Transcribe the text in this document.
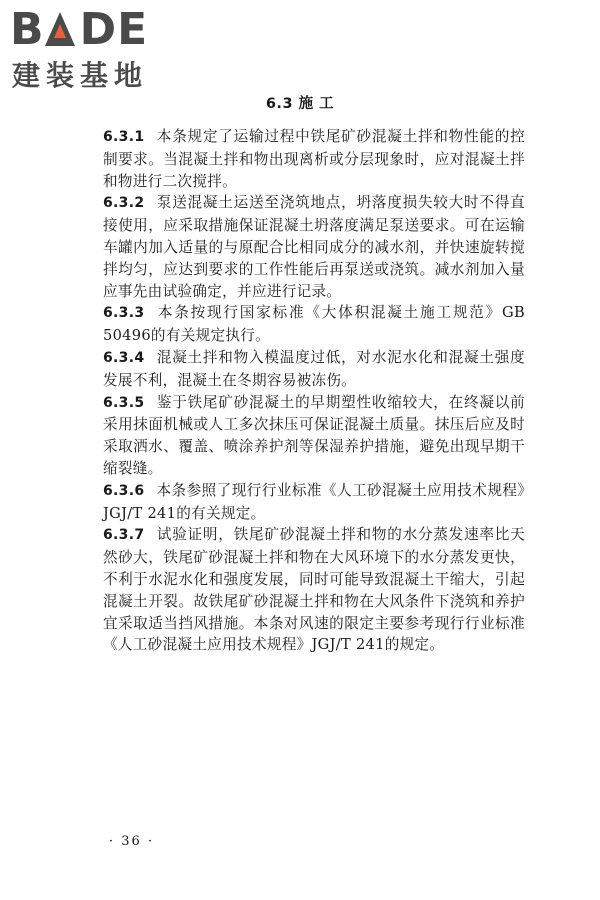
B DE
建装基地
6.3 施 工

6.3.1 本条规定了运输过程中铁尾矿砂混凝土拌和物性能的控制要求。当混凝土拌和物出现离析或分层现象时，应对混凝土拌和物进行二次搅拌。

6.3.2 泵送混凝土运送至浇筑地点，坍落度损失较大时不得直接使用，应采取措施保证混凝土坍落度满足泵送要求。可在运输车罐内加入适量的与原配合比相同成分的减水剂，并快速旋转搅拌均匀，应达到要求的工作性能后再泵送或浇筑。减水剂加入量应事先由试验确定，并应进行记录。

6.3.3 本条按现行国家标准《大体积混凝土施工规范》GB 50496的有关规定执行。

6.3.4 混凝土拌和物入模温度过低，对水泥水化和混凝土强度发展不利，混凝土在冬期容易被冻伤。

6.3.5 鉴于铁尾矿砂混凝土的早期塑性收缩较大，在终凝以前采用抹面机械或人工多次抹压可保证混凝土质量。抹压后应及时采取洒水、覆盖、喷涂养护剂等保湿养护措施，避免出现早期干缩裂缝。

6.3.6 本条参照了现行行业标准《人工砂混凝土应用技术规程》JGJ/T 241的有关规定。

6.3.7 试验证明，铁尾矿砂混凝土拌和物的水分蒸发速率比天然砂大，铁尾矿砂混凝土拌和物在大风环境下的水分蒸发更快，不利于水泥水化和强度发展，同时可能导致混凝土干缩大，引起混凝土开裂。故铁尾矿砂混凝土拌和物在大风条件下浇筑和养护宜采取适当挡风措施。本条对风速的限定主要参考现行行业标准《人工砂混凝土应用技术规程》JGJ/T 241的规定。

· 36 ·
